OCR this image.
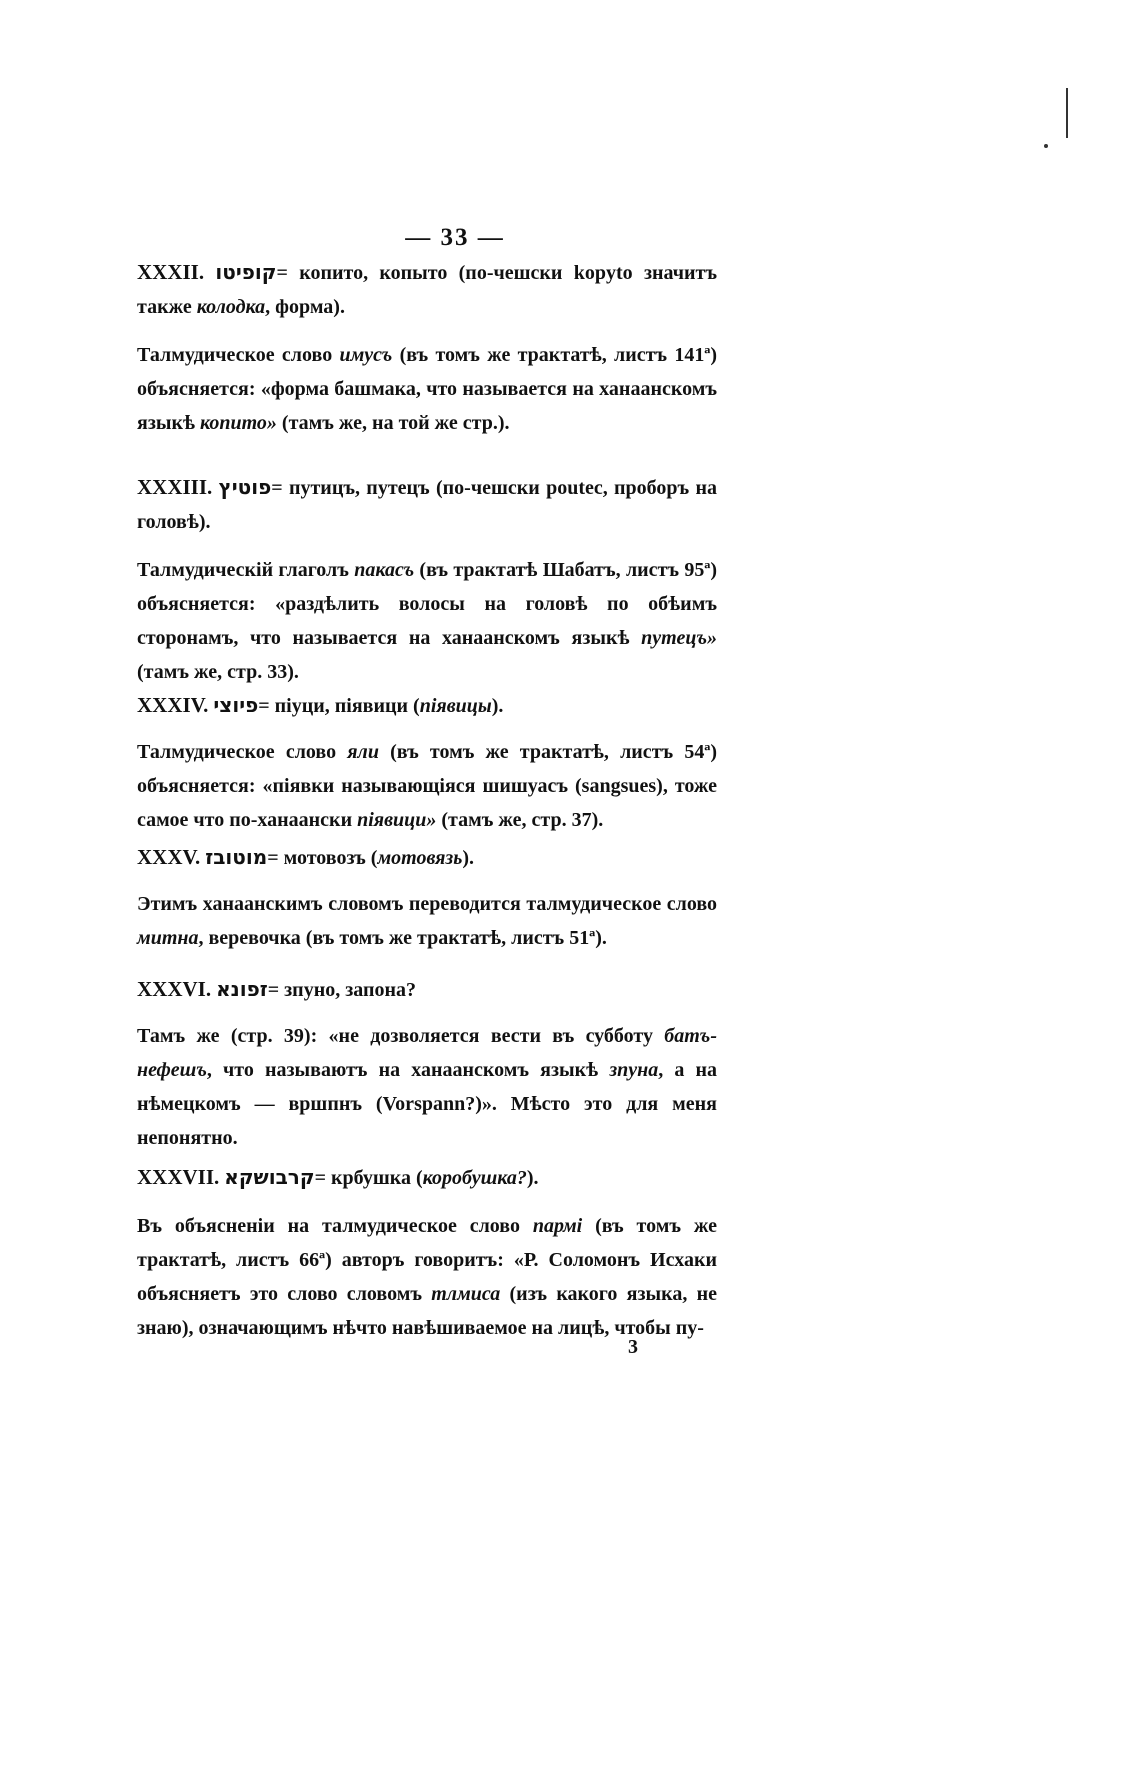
— 33 —

XXXII. קופיטו= копито, копыто (по-чешски kopyto значитъ также колодка, форма).

Талмудическое слово имусъ (въ томъ же трактатѣ, листъ 141ª) объясняется: «форма башмака, что называется на ханаанскомъ языкѣ копито» (тамъ же, на той же стр.).

XXXIII. פוטיץ= путицъ, путецъ (по-чешски poutec, проборъ на головѣ).

Талмудическiй глаголъ пакасъ (въ трактатѣ Шабатъ, листъ 95ª) объясняется: «раздѣлить волосы на головѣ по обѣимъ сторонамъ, что называется на ханаанскомъ языкѣ путецъ» (тамъ же, стр. 33).

XXXIV. פיוצי= пiуци, пiявици (пiявицы).

Талмудическое слово яли (въ томъ же трактатѣ, листъ 54ª) объясняется: «пiявки называющiяся шишуасъ (sangsues), тоже самое что по-ханаански пiявици» (тамъ же, стр. 37).

XXXV. מוטובז= мотовозъ (мотовязь).

Этимъ ханаанскимъ словомъ переводится талмудическое слово митна, веревочка (въ томъ же трактатѣ, листъ 51ª).

XXXVI. זפונא= зпуно, запона?

Тамъ же (стр. 39): «не дозволяется вести въ субботу батъ-нефешъ, что называютъ на ханаанскомъ языкѣ зпуна, а на нѣмецкомъ — вршпнъ (Vorspann?)». Мѣсто это для меня непонятно.

XXXVII. קרבושקא= крбушка (коробушка?).

Въ объясненiи на талмудическое слово пармi (въ томъ же трактатѣ, листъ 66ª) авторъ говоритъ: «Р. Соломонъ Исхаки объясняетъ это слово словомъ тлмиса (изъ какого языка, не знаю), означающимъ нѣчто навѣшиваемое на лицѣ, чтобы пу-

3
